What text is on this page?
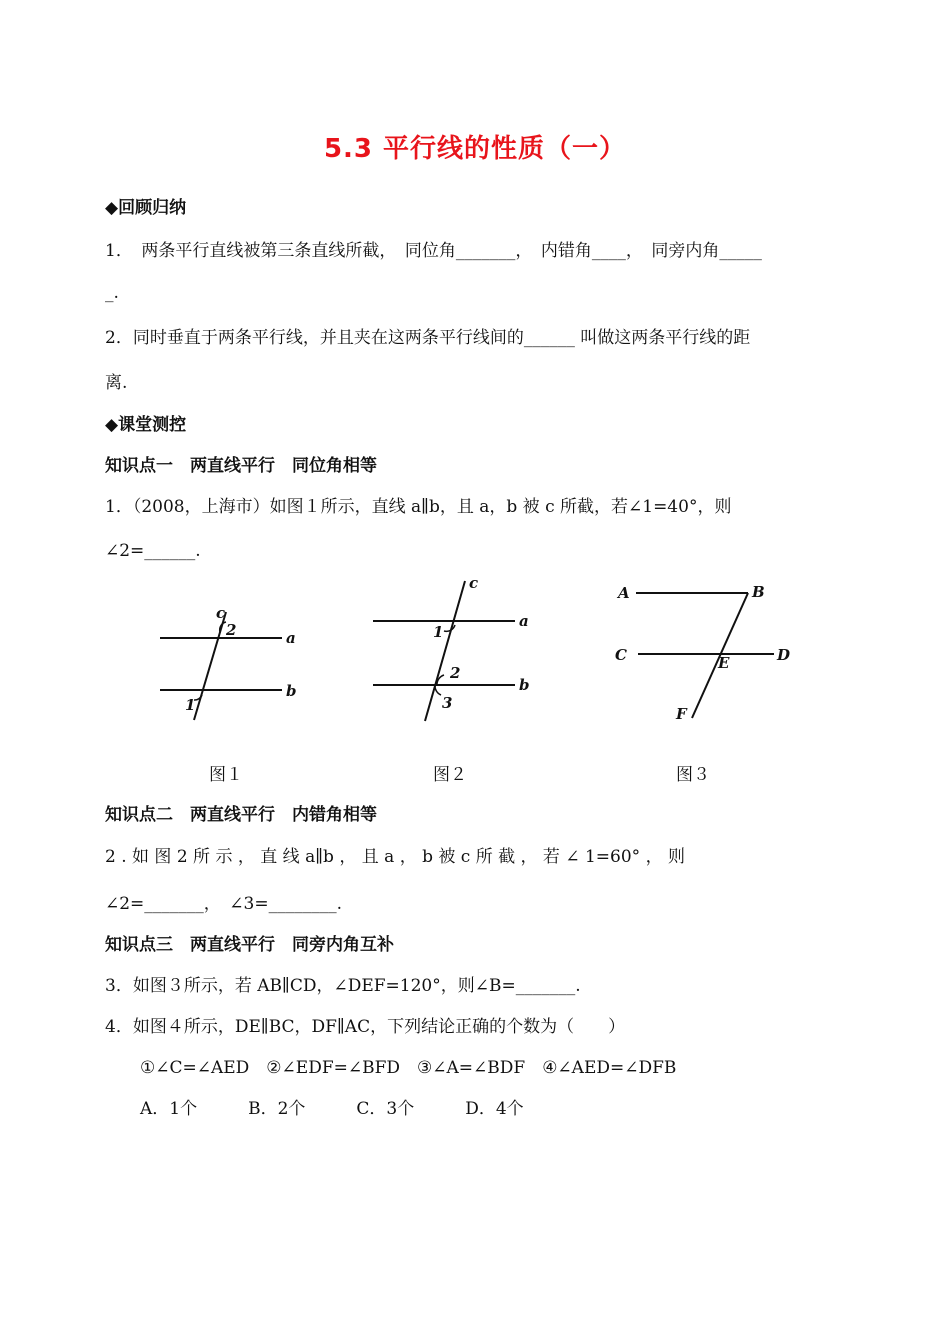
5.3 平行线的性质（一）
◆回顾归纳
1．　两条平行直线被第三条直线所截，　同位角_______，　内错角____，　同旁内角_____
_.
2．同时垂直于两条平行线，并且夹在这两条平行线间的______ 叫做这两条平行线的距
离.
◆课堂测控
知识点一　两直线平行　同位角相等
1．（2008，上海市）如图１所示，直线 a∥b，且 a，b 被 c 所截，若∠1=40°，则
∠2=______.
c
2	a
b
1
c
1
a
2
b
3
A	B
C	E	D
F
图１	图２	图３
知识点二　两直线平行　内错角相等
2 . 如 图 2 所 示 ， 直 线 a∥b ， 且 a ， b 被 c 所 截 ， 若 ∠ 1=60° ， 则
∠2=_______，　∠3=________.
知识点三　两直线平行　同旁内角互补
3．如图３所示，若 AB∥CD，∠DEF=120°，则∠B=_______.
4．如图４所示，DE∥BC，DF∥AC，下列结论正确的个数为（　　）
①∠C=∠AED　②∠EDF=∠BFD　③∠A=∠BDF　④∠AED=∠DFB
A．1个　　　B．2个　　　C．3个　　　D．4个
